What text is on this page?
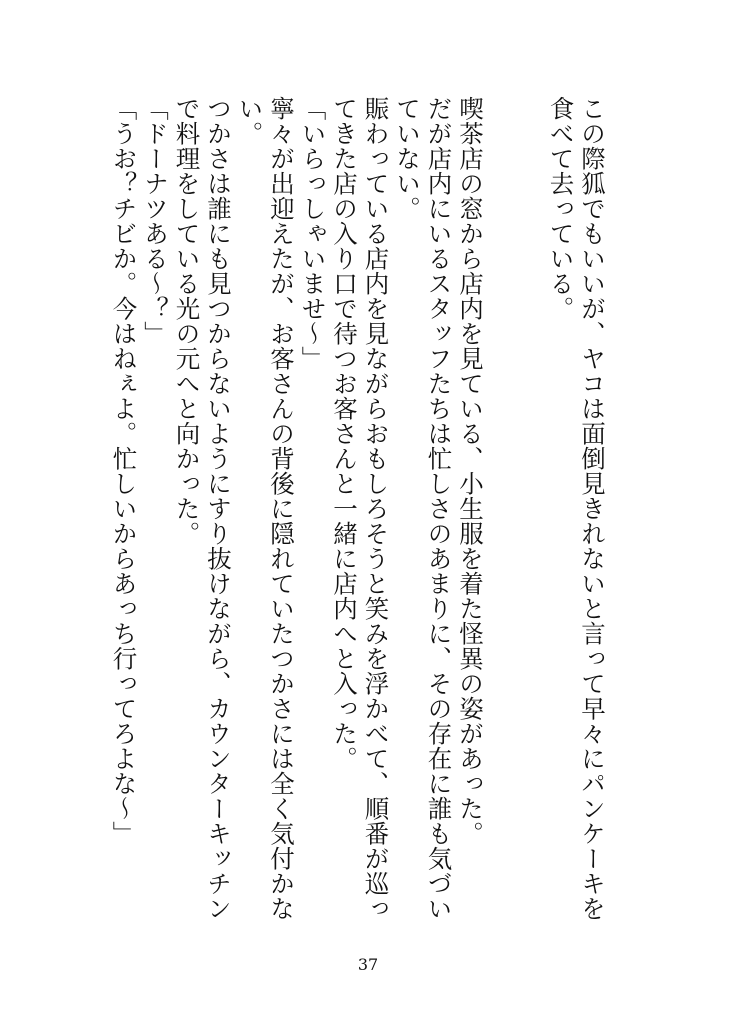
この際狐でもいいが、ヤコは面倒見きれないと言って早々にパンケーキを食べて去っている。

喫茶店の窓から店内を見ている、小生服を着た怪異の姿があった。

だが店内にいるスタッフたちは忙しさのあまりに、その存在に誰も気づいていない。

賑わっている店内を見ながらおもしろそうと笑みを浮かべて、順番が巡ってきた店の入り口で待つお客さんと一緒に店内へと入った。

「いらっしゃいませ～」

寧々が出迎えたが、お客さんの背後に隠れていたつかさには全く気付かない。

つかさは誰にも見つからないようにすり抜けながら、カウンターキッチンで料理をしている光の元へと向かった。

「ドーナツある～？」

「うお？チビか。今はねぇよ。忙しいからあっち行ってろよな～」

37
